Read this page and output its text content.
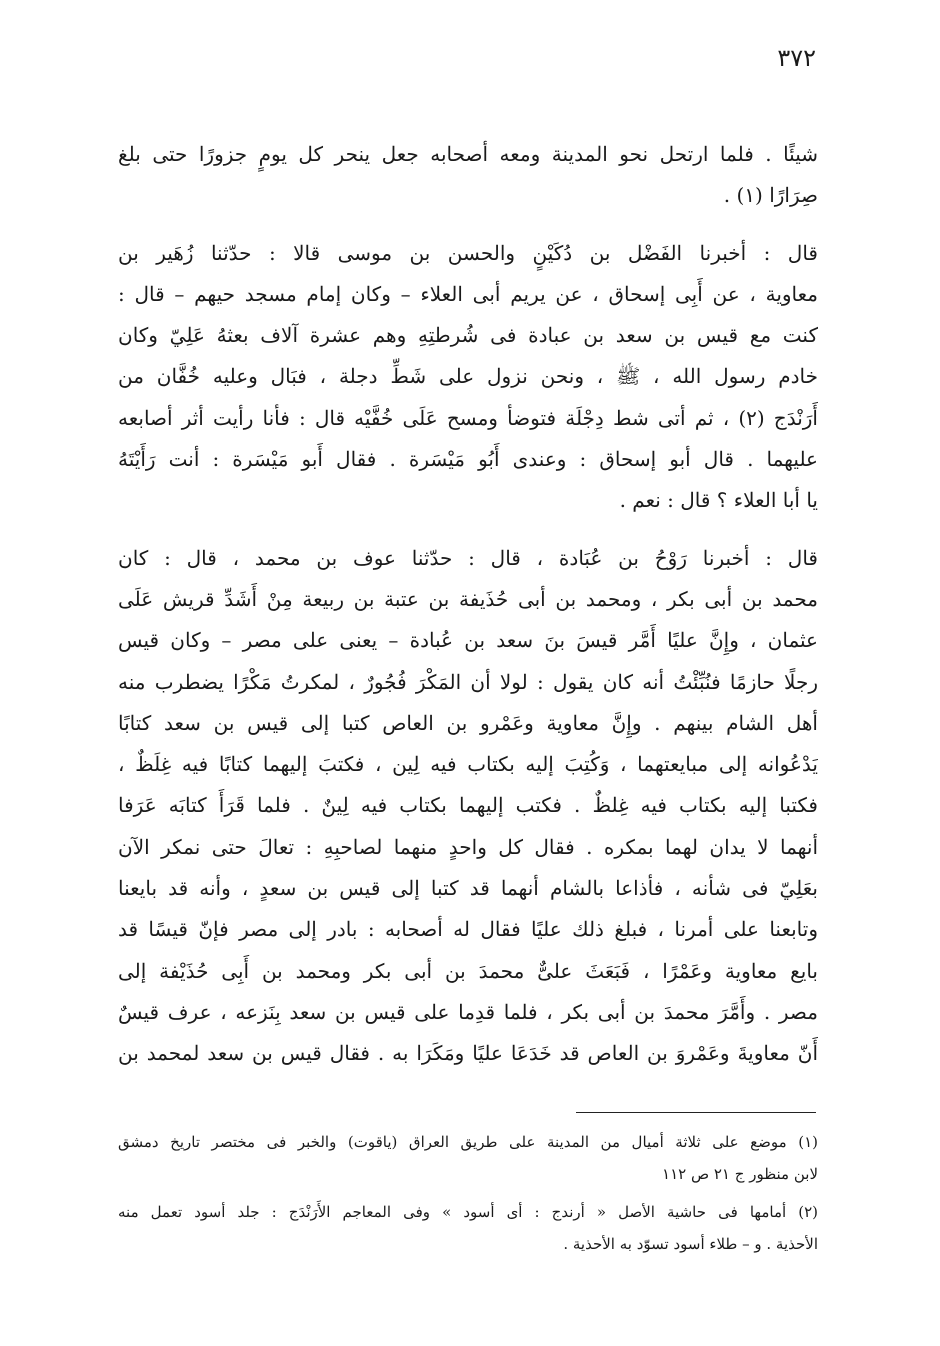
٣٧٢
شيئًا . فلما ارتحل نحو المدينة ومعه أصحابه جعل ينحر كل يومٍ جزورًا حتى بلغ
صِرَارًا (١) .
قال : أخبرنا الفَضْل بن دُكَيْنٍ والحسن بن موسى قالا : حدّثنا زُهَير بن
معاوية ، عن أَبِى إسحاق ، عن يريم أبى العلاء – وكان إمام مسجد حيهم – قال :
كنت مع قيس بن سعد بن عبادة فى شُرطتِهِ وهم عشرة آلاف بعثهُ عَلِيّ وكان
خادم رسول الله ، ﷺ ، ونحن نزول على شَطِّ دجلة ، فبَال وعليه خُفَّان من
أَرَنْدَج (٢) ، ثم أتى شط دِجْلَة فتوضأ ومسح عَلَى خُفَّيْه قال : فأنا رأيت أثر أصابعه
عليهما . قال أبو إسحاق : وعندى أَبُو مَيْسَرة . فقال أَبو مَيْسَرة : أنت رَأَيْتَهُ
يا أبا العلاء ؟ قال : نعم .
قال : أخبرنا رَوْحُ بن عُبَادة ، قال : حدّثنا عوف بن محمد ، قال : كان
محمد بن أبى بكر ، ومحمد بن أبى حُذَيفة بن عتبة بن ربيعة مِنْ أَشَدِّ قريش عَلَى
عثمان ، وإِنَّ عليًا أَمَّر قيسَ بنَ سعد بن عُبادة – يعنى على مصر – وكان قيس
رجلًا حازمًا فنُبِّئْتُ أنه كان يقول : لولا أن المَكْرَ فُجُورٌ ، لمكرتُ مَكْرًا يضطرب منه
أهل الشام بينهم . وإِنَّ معاوية وعَمْرو بن العاص كتبا إلى قيس بن سعد كتابًا
يَدْعُوانه إلى مبايعتهما ، وَكُتِبَ إليه بكتاب فيه لِين ، فكتبَ إليهما كتابًا فيه غِلَظٌ ،
فكتبا إليه بكتاب فيه غِلظٌ . فكتب إليهما بكتاب فيه لِينٌ . فلما قَرَأَ كتابَه عَرَفا
أنهما لا يدان لهما بمكره . فقال كل واحدٍ منهما لصاحبِهِ : تعالَ حتى نمكر الآن
بعَلِيّ فى شأنه ، فأذاعا بالشام أنهما قد كتبا إلى قيس بن سعدٍ ، وأنه قد بايعنا
وتابعنا على أمرنا ، فبلغ ذلك عليًا فقال له أصحابه : بادر إلى مصر فإنّ قيسًا قد
بايع معاوية وعَمْرًا ، فَبَعَثَ علىٌّ محمدَ بن أبى بكر ومحمد بن أَبِى حُذَيْفة إلى
مصر . وأَمَّرَ محمدَ بن أبى بكر ، فلما قدِما على قيس بن سعد بِنَزعه ، عرف قيسٌ
أَنّ معاويةَ وعَمْروَ بن العاص قد خَدَعَا عليًا ومَكَرَا به . فقال قيس بن سعد لمحمد بن
(١) موضع على ثلاثة أميال من المدينة على طريق العراق (ياقوت) والخبر فى مختصر تاريخ دمشق
لابن منظور ج ٢١ ص ١١٢
(٢) أمامها فى حاشية الأصل « أرندج : أى أسود » وفى المعاجم الأَرَنْدَج : جلد أسود تعمل منه
الأحذية . و – طلاء أسود تسوّد به الأحذية .
